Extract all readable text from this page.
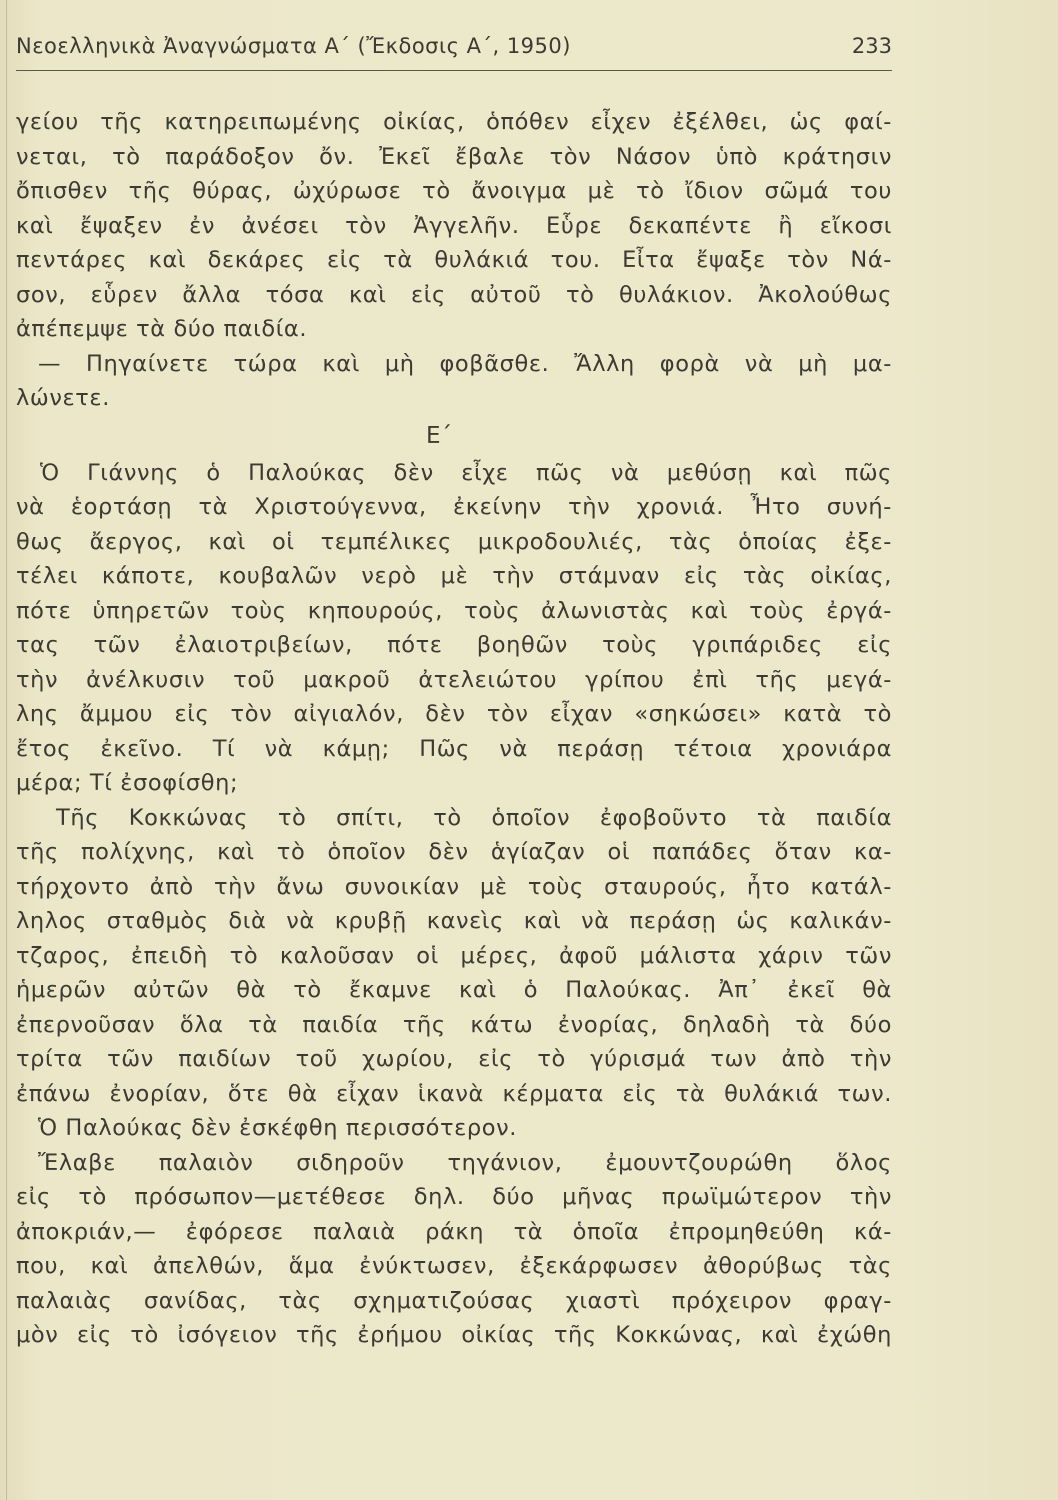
Νεοελληνικὰ Ἀναγνώσματα Α΄ (Ἔκδοσις Α΄, 1950)	233
γείου τῆς κατηρειπωμένης οἰκίας, ὁπόθεν εἶχεν ἐξέλθει, ὡς φαί-
νεται, τὸ παράδοξον ὄν. Ἐκεῖ ἔβαλε τὸν Νάσον ὑπὸ κράτησιν
ὄπισθεν τῆς θύρας, ὠχύρωσε τὸ ἄνοιγμα μὲ τὸ ἴδιον σῶμά του
καὶ ἔψαξεν ἐν ἀνέσει τὸν Ἀγγελῆν. Εὗρε δεκαπέντε ἢ εἴκοσι
πεντάρες καὶ δεκάρες εἰς τὰ θυλάκιά του. Εἶτα ἔψαξε τὸν Νά-
σον, εὗρεν ἄλλα τόσα καὶ εἰς αὐτοῦ τὸ θυλάκιον. Ἀκολούθως
ἀπέπεμψε τὰ δύο παιδία.
— Πηγαίνετε τώρα καὶ μὴ φοβᾶσθε. Ἄλλη φορὰ νὰ μὴ μα-
λώνετε.
Ε΄
Ὁ Γιάννης ὁ Παλούκας δὲν εἶχε πῶς νὰ μεθύσῃ καὶ πῶς
νὰ ἑορτάσῃ τὰ Χριστούγεννα, ἐκείνην τὴν χρονιά. Ἦτο συνή-
θως ἄεργος, καὶ οἱ τεμπέλικες μικροδουλιές, τὰς ὁποίας ἐξε-
τέλει κάποτε, κουβαλῶν νερὸ μὲ τὴν στάμναν εἰς τὰς οἰκίας,
πότε ὑπηρετῶν τοὺς κηπουρούς, τοὺς ἀλωνιστὰς καὶ τοὺς ἐργά-
τας τῶν ἐλαιοτριβείων, πότε βοηθῶν τοὺς γριπάριδες εἰς
τὴν ἀνέλκυσιν τοῦ μακροῦ ἀτελειώτου γρίπου ἐπὶ τῆς μεγά-
λης ἄμμου εἰς τὸν αἰγιαλόν, δὲν τὸν εἶχαν «σηκώσει» κατὰ τὸ
ἔτος ἐκεῖνο. Τί νὰ κάμῃ; Πῶς νὰ περάσῃ τέτοια χρονιάρα
μέρα; Τί ἐσοφίσθη;
Τῆς Κοκκώνας τὸ σπίτι, τὸ ὁποῖον ἐφοβοῦντο τὰ παιδία
τῆς πολίχνης, καὶ τὸ ὁποῖον δὲν ἁγίαζαν οἱ παπάδες ὅταν κα-
τήρχοντο ἀπὸ τὴν ἄνω συνοικίαν μὲ τοὺς σταυρούς, ἦτο κατάλ-
ληλος σταθμὸς διὰ νὰ κρυβῇ κανεὶς καὶ νὰ περάσῃ ὡς καλικάν-
τζαρος, ἐπειδὴ τὸ καλοῦσαν οἱ μέρες, ἀφοῦ μάλιστα χάριν τῶν
ἡμερῶν αὐτῶν θὰ τὸ ἔκαμνε καὶ ὁ Παλούκας. Ἀπ᾿ ἐκεῖ θὰ
ἐπερνοῦσαν ὅλα τὰ παιδία τῆς κάτω ἐνορίας, δηλαδὴ τὰ δύο
τρίτα τῶν παιδίων τοῦ χωρίου, εἰς τὸ γύρισμά των ἀπὸ τὴν
ἐπάνω ἐνορίαν, ὅτε θὰ εἶχαν ἱκανὰ κέρματα εἰς τὰ θυλάκιά των.
Ὁ Παλούκας δὲν ἐσκέφθη περισσότερον.
Ἔλαβε παλαιὸν σιδηροῦν τηγάνιον, ἐμουντζουρώθη ὅλος
εἰς τὸ πρόσωπον—μετέθεσε δηλ. δύο μῆνας πρωϊμώτερον τὴν
ἀποκριάν,— ἐφόρεσε παλαιὰ ράκη τὰ ὁποῖα ἐπρομηθεύθη κά-
που, καὶ ἀπελθών, ἅμα ἐνύκτωσεν, ἐξεκάρφωσεν ἀθορύβως τὰς
παλαιὰς σανίδας, τὰς σχηματιζούσας χιαστὶ πρόχειρον φραγ-
μὸν εἰς τὸ ἰσόγειον τῆς ἐρήμου οἰκίας τῆς Κοκκώνας, καὶ ἐχώθη
